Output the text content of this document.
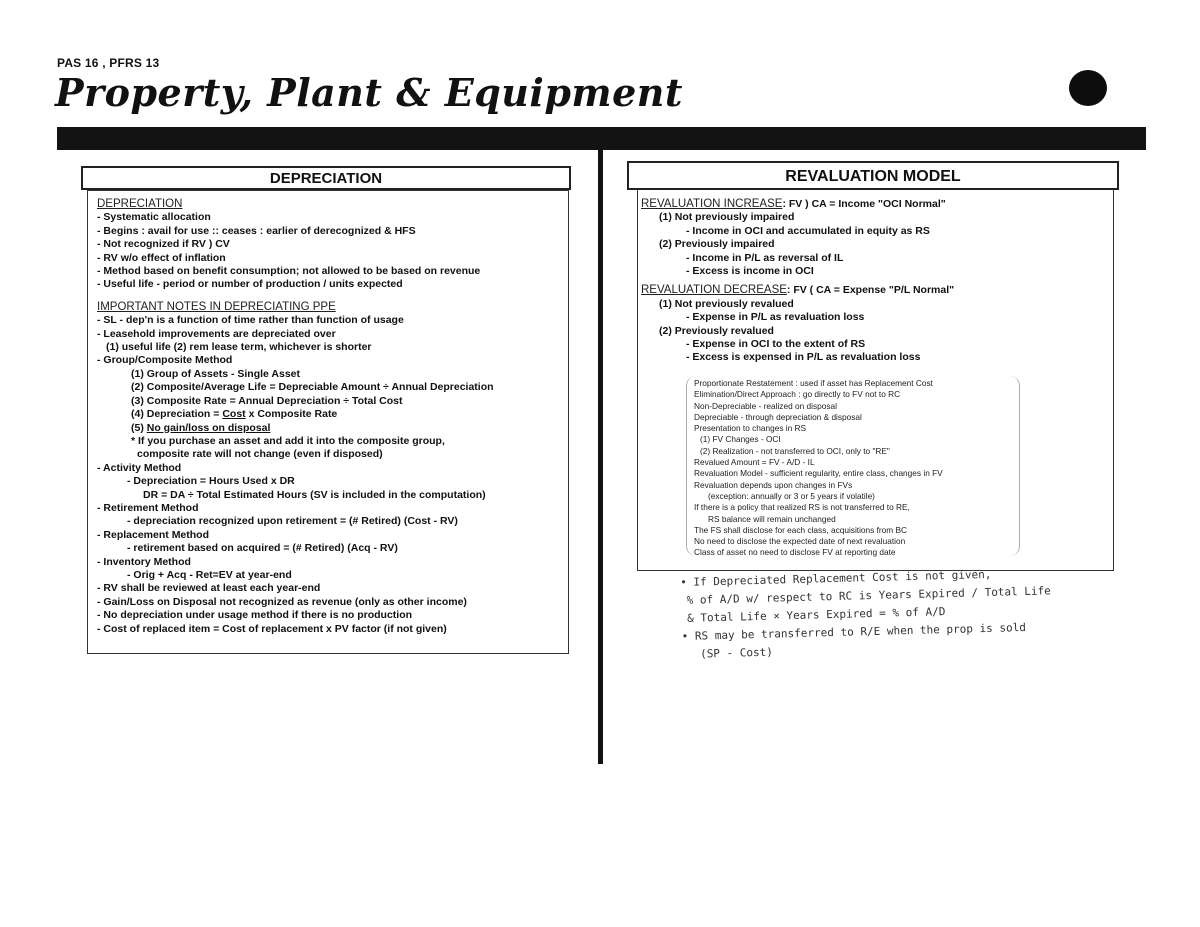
PAS 16 , PFRS 13
Property, Plant & Equipment
DEPRECIATION
DEPRECIATION
- Systematic allocation
- Begins : avail for use :: ceases : earlier of derecognized & HFS
- Not recognized if RV ) CV
- RV w/o effect of inflation
- Method based on benefit consumption; not allowed to be based on revenue
- Useful life - period or number of production / units expected
IMPORTANT NOTES IN DEPRECIATING PPE
- SL - dep'n is a function of time rather than function of usage
- Leasehold improvements are depreciated over
(1) useful life (2) rem lease term, whichever is shorter
- Group/Composite Method
(1) Group of Assets - Single Asset
(2) Composite/Average Life = Depreciable Amount ÷ Annual Depreciation
(3) Composite Rate = Annual Depreciation ÷ Total Cost
(4) Depreciation = Cost x Composite Rate
(5) No gain/loss on disposal
* If you purchase an asset and add it into the composite group,
composite rate will not change (even if disposed)
- Activity Method
- Depreciation = Hours Used x DR
DR = DA ÷ Total Estimated Hours (SV is included in the computation)
- Retirement Method
- depreciation recognized upon retirement = (# Retired) (Cost - RV)
- Replacement Method
- retirement based on acquired = (# Retired) (Acq - RV)
- Inventory Method
- Orig + Acq - Ret=EV at year-end
- RV shall be reviewed at least each year-end
- Gain/Loss on Disposal not recognized as revenue (only as other income)
- No depreciation under usage method if there is no production
- Cost of replaced item = Cost of replacement x PV factor (if not given)
REVALUATION MODEL
REVALUATION INCREASE: FV ) CA = Income "OCI Normal"
(1) Not previously impaired
- Income in OCI and accumulated in equity as RS
(2) Previously impaired
- Income in P/L as reversal of IL
- Excess is income in OCI
REVALUATION DECREASE: FV ( CA = Expense "P/L Normal"
(1) Not previously revalued
- Expense in P/L as revaluation loss
(2) Previously revalued
- Expense in OCI to the extent of RS
- Excess is expensed in P/L as revaluation loss
Proportionate Restatement : used if asset has Replacement Cost
Elimination/Direct Approach : go directly to FV not to RC
Non-Depreciable - realized on disposal
Depreciable - through depreciation & disposal
Presentation to changes in RS
(1) FV Changes - OCI
(2) Realization - not transferred to OCI, only to "RE"
Revalued Amount = FV - A/D - IL
Revaluation Model - sufficient regularity, entire class, changes in FV
Revaluation depends upon changes in FVs
(exception: annually or 3 or 5 years if volatile)
If there is a policy that realized RS is not transferred to RE,
RS balance will remain unchanged
The FS shall disclose for each class, acquisitions from BC
No need to disclose the expected date of next revaluation
Class of asset no need to disclose FV at reporting date
• If Depreciated Replacement Cost is not given,
% of A/D w/ respect to RC is Years Expired / Total Life
& Total Life × Years Expired = % of A/D
• RS may be transferred to R/E when the prop is sold
(SP - Cost)
